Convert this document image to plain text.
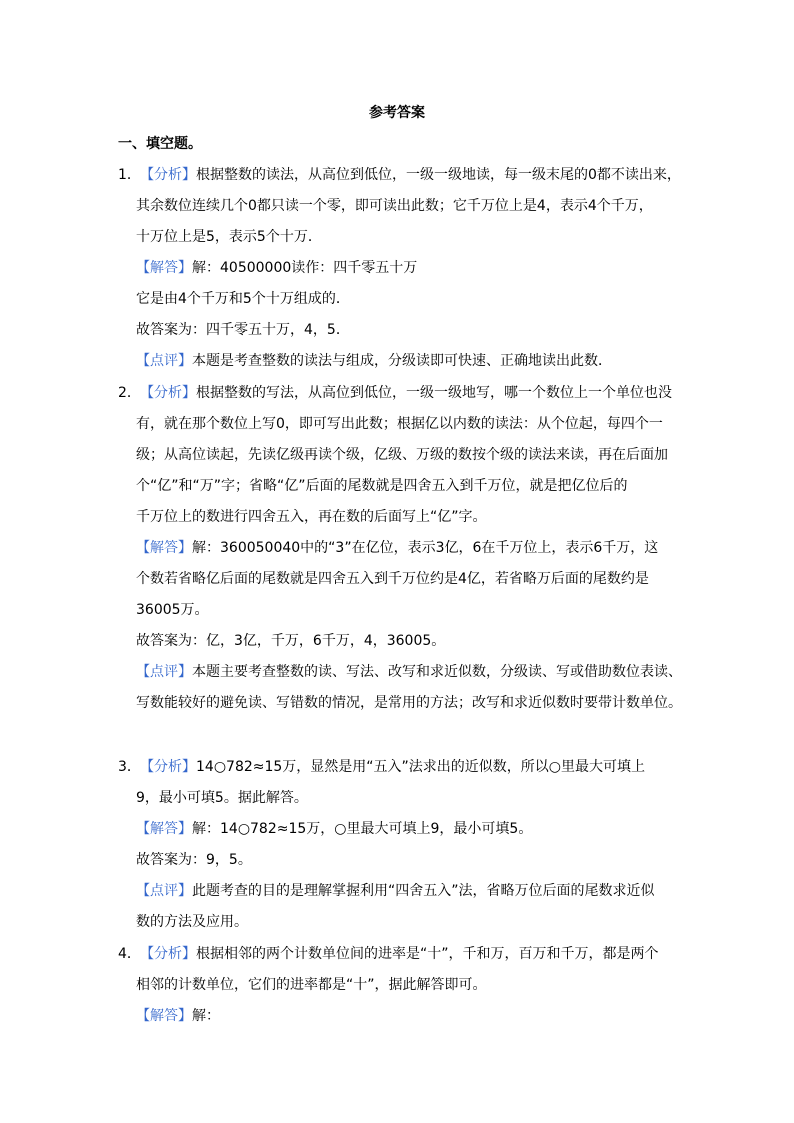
参考答案
一、填空题。
1．【分析】根据整数的读法，从高位到低位，一级一级地读，每一级末尾的0都不读出来，
其余数位连续几个0都只读一个零，即可读出此数；它千万位上是4，表示4个千万，
十万位上是5，表示5个十万．
【解答】解：40500000读作：四千零五十万
它是由4个千万和5个十万组成的．
故答案为：四千零五十万，4，5．
【点评】本题是考查整数的读法与组成，分级读即可快速、正确地读出此数．
2．【分析】根据整数的写法，从高位到低位，一级一级地写，哪一个数位上一个单位也没
有，就在那个数位上写0，即可写出此数；根据亿以内数的读法：从个位起，每四个一
级；从高位读起，先读亿级再读个级，亿级、万级的数按个级的读法来读，再在后面加
个“亿”和“万”字；省略“亿”后面的尾数就是四舍五入到千万位，就是把亿位后的
千万位上的数进行四舍五入，再在数的后面写上“亿”字。
【解答】解：360050040中的“3”在亿位，表示3亿，6在千万位上，表示6千万，这
个数若省略亿后面的尾数就是四舍五入到千万位约是4亿，若省略万后面的尾数约是
36005万。
故答案为：亿，3亿，千万，6千万，4，36005。
【点评】本题主要考查整数的读、写法、改写和求近似数，分级读、写或借助数位表读、
写数能较好的避免读、写错数的情况，是常用的方法；改写和求近似数时要带计数单位。
3．【分析】14○782≈15万，显然是用“五入”法求出的近似数，所以○里最大可填上
9，最小可填5。据此解答。
【解答】解：14○782≈15万，○里最大可填上9，最小可填5。
故答案为：9，5。
【点评】此题考查的目的是理解掌握利用“四舍五入”法，省略万位后面的尾数求近似
数的方法及应用。
4．【分析】根据相邻的两个计数单位间的进率是“十”，千和万，百万和千万，都是两个
相邻的计数单位，它们的进率都是“十”，据此解答即可。
【解答】解：
